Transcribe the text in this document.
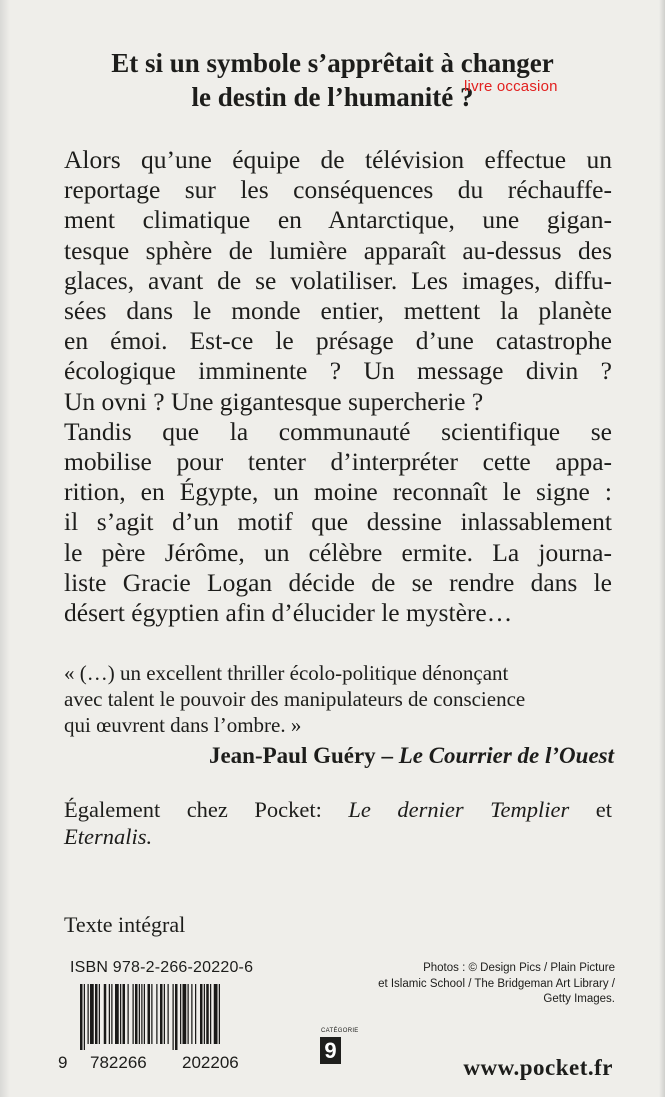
Et si un symbole s’apprêtait à changer
le destin de l’humanité ?
livre occasion
Alors qu’une équipe de télévision effectue un
reportage sur les conséquences du réchauffe-
ment climatique en Antarctique, une gigan-
tesque sphère de lumière apparaît au-dessus des
glaces, avant de se volatiliser. Les images, diffu-
sées dans le monde entier, mettent la planète
en émoi. Est-ce le présage d’une catastrophe
écologique imminente ? Un message divin ?
Un ovni ? Une gigantesque supercherie ?
Tandis que la communauté scientifique se
mobilise pour tenter d’interpréter cette appa-
rition, en Égypte, un moine reconnaît le signe :
il s’agit d’un motif que dessine inlassablement
le père Jérôme, un célèbre ermite. La journa-
liste Gracie Logan décide de se rendre dans le
désert égyptien afin d’élucider le mystère…
« (…) un excellent thriller écolo-politique dénonçant
avec talent le pouvoir des manipulateurs de conscience
qui œuvrent dans l’ombre. »
Jean-Paul Guéry – Le Courrier de l’Ouest
Également chez Pocket: Le dernier Templier et
Eternalis.
Texte intégral
ISBN 978-2-266-20220-6
9 782266 202206
CATÉGORIE
9
Photos : © Design Pics / Plain Picture
et Islamic School / The Bridgeman Art Library /
Getty Images.
www.pocket.fr
